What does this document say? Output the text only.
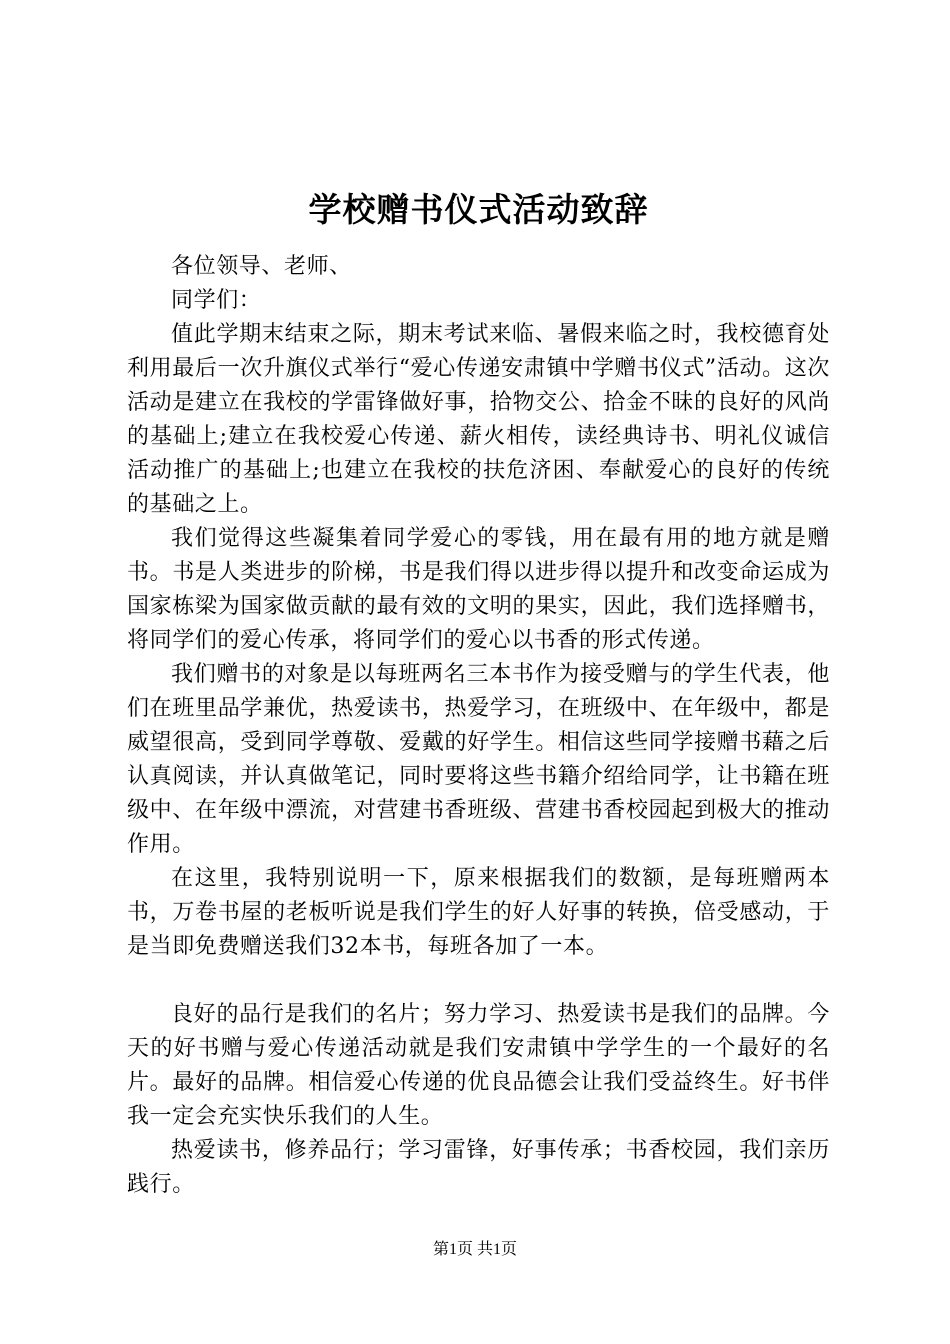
学校赠书仪式活动致辞

各位领导、老师、

同学们：

值此学期末结束之际，期末考试来临、暑假来临之时，我校德育处利用最后一次升旗仪式举行“爱心传递安肃镇中学赠书仪式”活动。这次活动是建立在我校的学雷锋做好事，拾物交公、拾金不昧的良好的风尚的基础上;建立在我校爱心传递、薪火相传，读经典诗书、明礼仪诚信活动推广的基础上;也建立在我校的扶危济困、奉献爱心的良好的传统的基础之上。

我们觉得这些凝集着同学爱心的零钱，用在最有用的地方就是赠书。书是人类进步的阶梯，书是我们得以进步得以提升和改变命运成为国家栋梁为国家做贡献的最有效的文明的果实，因此，我们选择赠书，将同学们的爱心传承，将同学们的爱心以书香的形式传递。

我们赠书的对象是以每班两名三本书作为接受赠与的学生代表，他们在班里品学兼优，热爱读书，热爱学习，在班级中、在年级中，都是威望很高，受到同学尊敬、爱戴的好学生。相信这些同学接赠书藉之后认真阅读，并认真做笔记，同时要将这些书籍介绍给同学，让书籍在班级中、在年级中漂流，对营建书香班级、营建书香校园起到极大的推动作用。

在这里，我特别说明一下，原来根据我们的数额，是每班赠两本书，万卷书屋的老板听说是我们学生的好人好事的转换，倍受感动，于是当即免费赠送我们32本书，每班各加了一本。

良好的品行是我们的名片；努力学习、热爱读书是我们的品牌。今天的好书赠与爱心传递活动就是我们安肃镇中学学生的一个最好的名片。最好的品牌。相信爱心传递的优良品德会让我们受益终生。好书伴我一定会充实快乐我们的人生。

热爱读书，修养品行；学习雷锋，好事传承；书香校园，我们亲历践行。

第1页 共1页
